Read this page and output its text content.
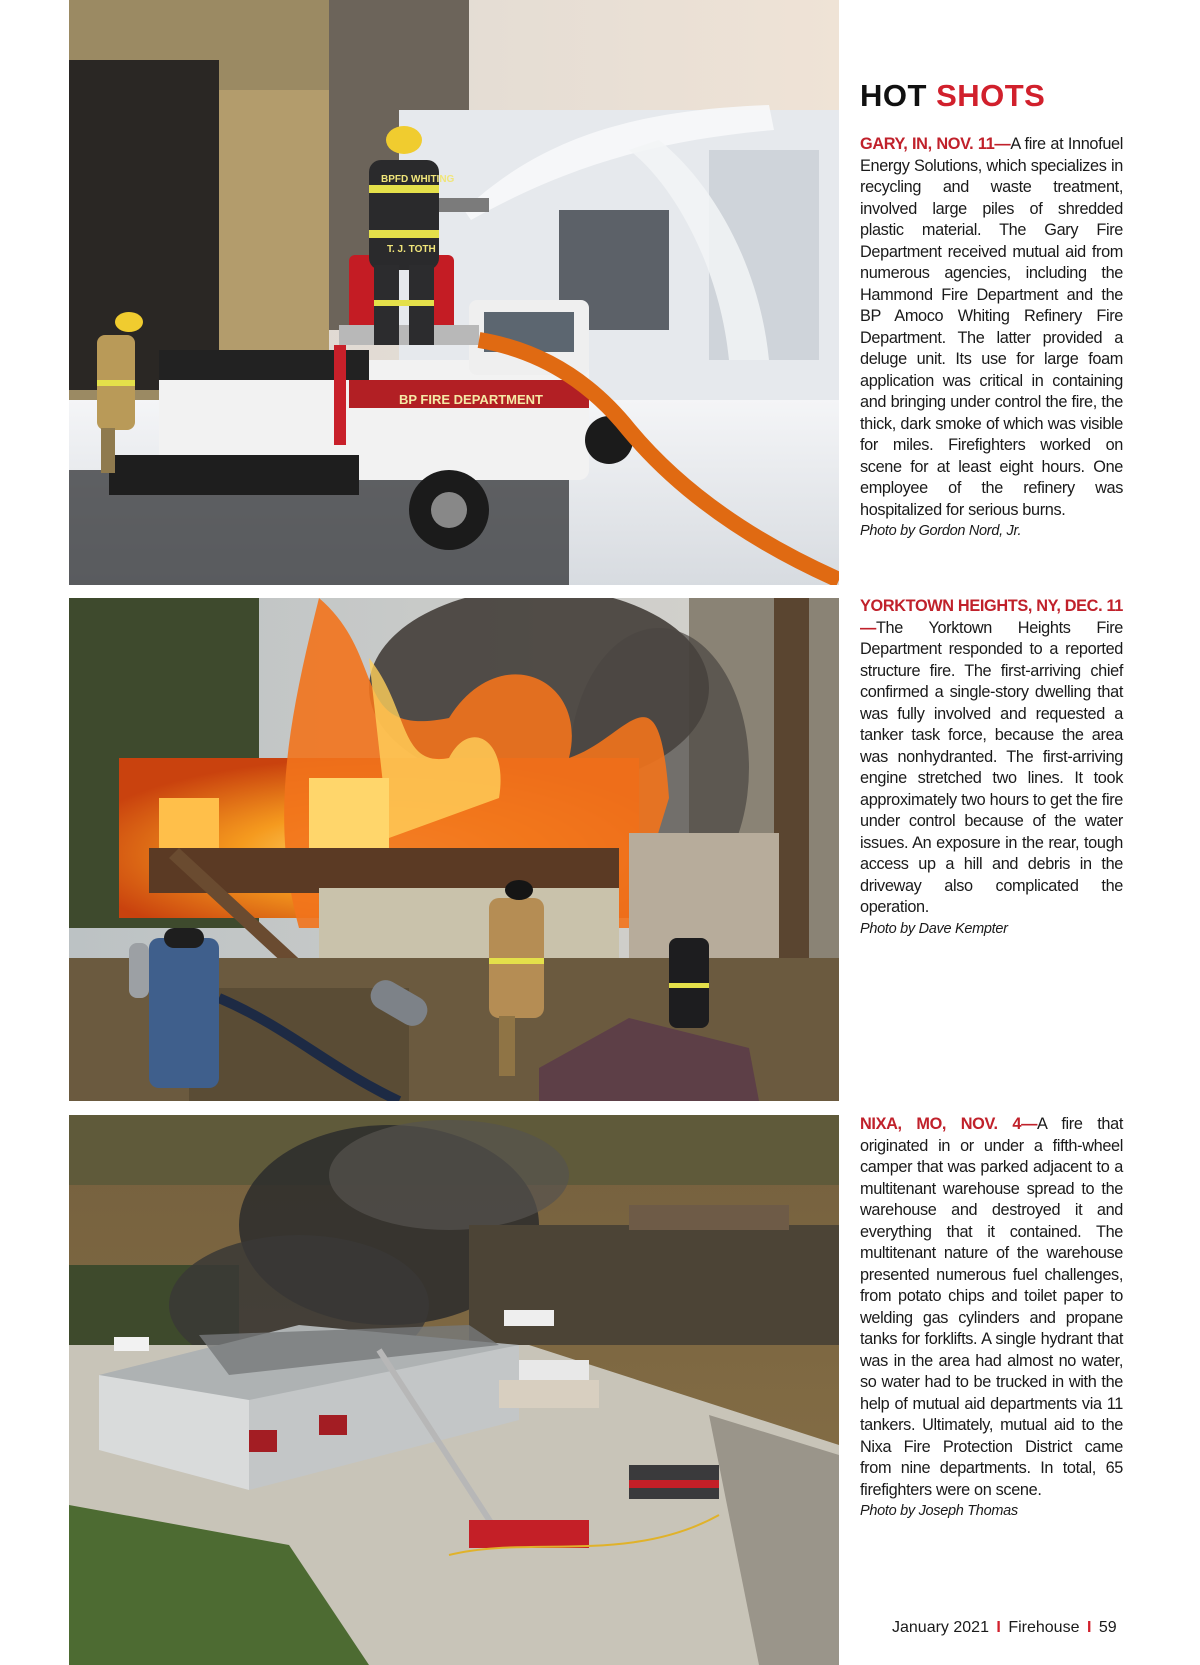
BP FIRE DEPARTMENT
BPFD WHITING
T. J. TOTH
HOT SHOTS
GARY, IN, NOV. 11—A fire at Innofuel Energy Solutions, which specializes in recycling and waste treatment, involved large piles of shredded plastic material. The Gary Fire Department received mutual aid from numerous agencies, including the Hammond Fire Department and the BP Amoco Whiting Refinery Fire Department. The latter provided a deluge unit. Its use for large foam application was critical in containing and bringing under control the fire, the thick, dark smoke of which was visible for miles. Firefighters worked on scene for at least eight hours. One employee of the refinery was hospitalized for serious burns.
Photo by Gordon Nord, Jr.
YORKTOWN HEIGHTS, NY, DEC. 11—The Yorktown Heights Fire Department responded to a reported structure fire. The first-arriving chief confirmed a single-story dwelling that was fully involved and requested a tanker task force, because the area was nonhydranted. The first-arriving engine stretched two lines. It took approximately two hours to get the fire under control because of the water issues. An exposure in the rear, tough access up a hill and debris in the driveway also complicated the operation.
Photo by Dave Kempter
NIXA, MO, NOV. 4—A fire that originated in or under a fifth-wheel camper that was parked adjacent to a multitenant warehouse spread to the warehouse and destroyed it and everything that it contained. The multitenant nature of the warehouse presented numerous fuel challenges, from potato chips and toilet paper to welding gas cylinders and propane tanks for forklifts. A single hydrant that was in the area had almost no water, so water had to be trucked in with the help of mutual aid departments via 11 tankers. Ultimately, mutual aid to the Nixa Fire Protection District came from nine departments. In total, 65 firefighters were on scene.
Photo by Joseph Thomas
January 2021 I Firehouse I 59
